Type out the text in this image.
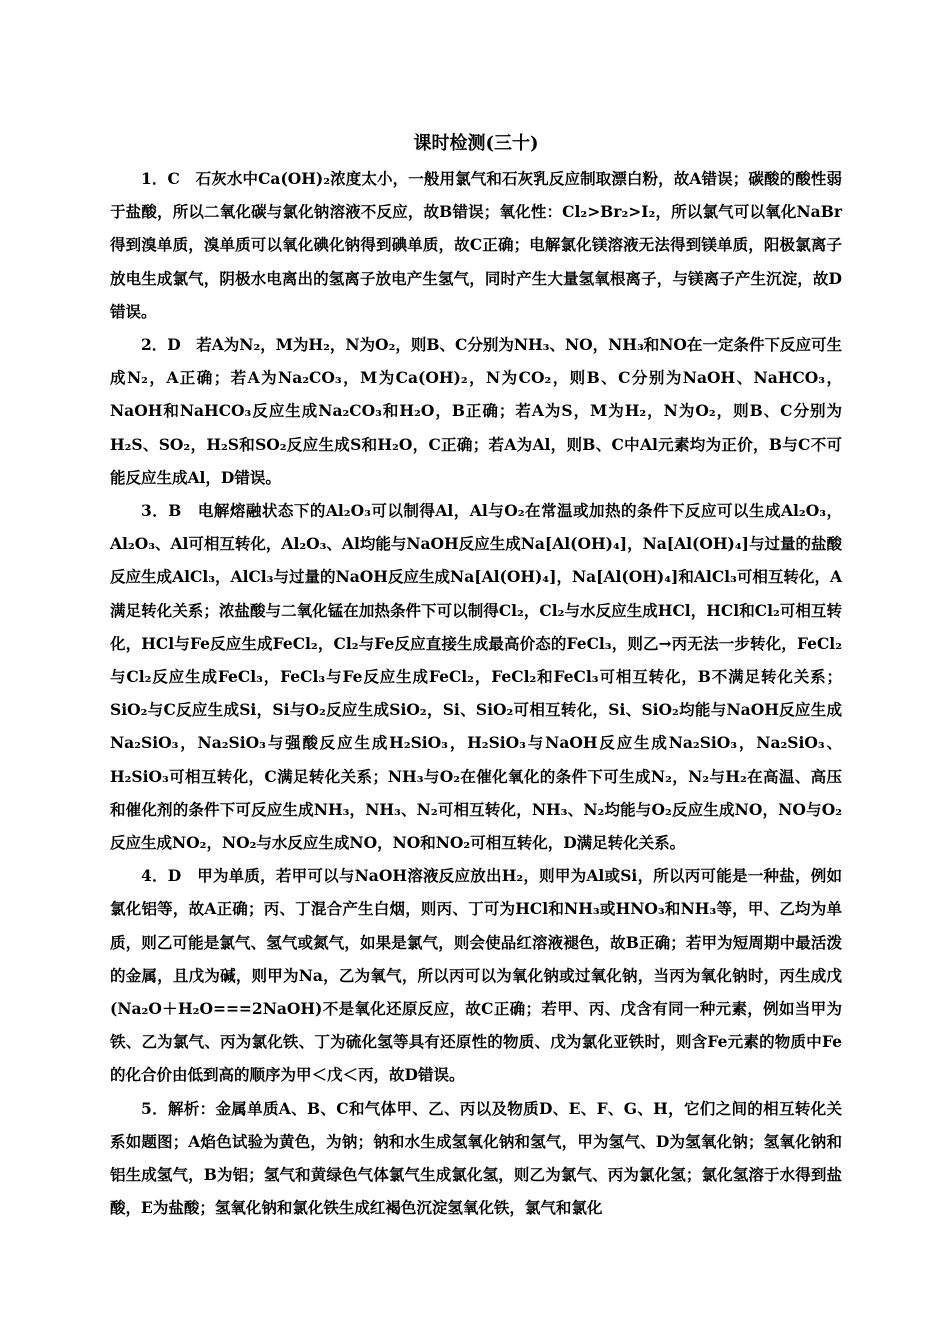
课时检测(三十)

1．C　石灰水中Ca(OH)₂浓度太小，一般用氯气和石灰乳反应制取漂白粉，故A错误；碳酸的酸性弱于盐酸，所以二氧化碳与氯化钠溶液不反应，故B错误；氧化性：Cl₂>Br₂>I₂，所以氯气可以氧化NaBr得到溴单质，溴单质可以氧化碘化钠得到碘单质，故C正确；电解氯化镁溶液无法得到镁单质，阳极氯离子放电生成氯气，阴极水电离出的氢离子放电产生氢气，同时产生大量氢氧根离子，与镁离子产生沉淀，故D错误。

2．D　若A为N₂，M为H₂，N为O₂，则B、C分别为NH₃、NO，NH₃和NO在一定条件下反应可生成N₂，A正确；若A为Na₂CO₃，M为Ca(OH)₂，N为CO₂，则B、C分别为NaOH、NaHCO₃，NaOH和NaHCO₃反应生成Na₂CO₃和H₂O，B正确；若A为S，M为H₂，N为O₂，则B、C分别为H₂S、SO₂，H₂S和SO₂反应生成S和H₂O，C正确；若A为Al，则B、C中Al元素均为正价，B与C不可能反应生成Al，D错误。

3．B　电解熔融状态下的Al₂O₃可以制得Al，Al与O₂在常温或加热的条件下反应可以生成Al₂O₃，Al₂O₃、Al可相互转化，Al₂O₃、Al均能与NaOH反应生成Na[Al(OH)₄]，Na[Al(OH)₄]与过量的盐酸反应生成AlCl₃，AlCl₃与过量的NaOH反应生成Na[Al(OH)₄]，Na[Al(OH)₄]和AlCl₃可相互转化，A满足转化关系；浓盐酸与二氧化锰在加热条件下可以制得Cl₂，Cl₂与水反应生成HCl，HCl和Cl₂可相互转化，HCl与Fe反应生成FeCl₂，Cl₂与Fe反应直接生成最高价态的FeCl₃，则乙→丙无法一步转化，FeCl₂与Cl₂反应生成FeCl₃，FeCl₃与Fe反应生成FeCl₂，FeCl₂和FeCl₃可相互转化，B不满足转化关系；SiO₂与C反应生成Si，Si与O₂反应生成SiO₂，Si、SiO₂可相互转化，Si、SiO₂均能与NaOH反应生成Na₂SiO₃，Na₂SiO₃与强酸反应生成H₂SiO₃，H₂SiO₃与NaOH反应生成Na₂SiO₃，Na₂SiO₃、H₂SiO₃可相互转化，C满足转化关系；NH₃与O₂在催化氧化的条件下可生成N₂，N₂与H₂在高温、高压和催化剂的条件下可反应生成NH₃，NH₃、N₂可相互转化，NH₃、N₂均能与O₂反应生成NO，NO与O₂反应生成NO₂，NO₂与水反应生成NO，NO和NO₂可相互转化，D满足转化关系。

4．D　甲为单质，若甲可以与NaOH溶液反应放出H₂，则甲为Al或Si，所以丙可能是一种盐，例如氯化铝等，故A正确；丙、丁混合产生白烟，则丙、丁可为HCl和NH₃或HNO₃和NH₃等，甲、乙均为单质，则乙可能是氯气、氢气或氮气，如果是氯气，则会使品红溶液褪色，故B正确；若甲为短周期中最活泼的金属，且戊为碱，则甲为Na，乙为氧气，所以丙可以为氧化钠或过氧化钠，当丙为氧化钠时，丙生成戊(Na₂O＋H₂O===2NaOH)不是氧化还原反应，故C正确；若甲、丙、戊含有同一种元素，例如当甲为铁、乙为氯气、丙为氯化铁、丁为硫化氢等具有还原性的物质、戊为氯化亚铁时，则含Fe元素的物质中Fe的化合价由低到高的顺序为甲＜戊＜丙，故D错误。

5．解析：金属单质A、B、C和气体甲、乙、丙以及物质D、E、F、G、H，它们之间的相互转化关系如题图；A焰色试验为黄色，为钠；钠和水生成氢氧化钠和氢气，甲为氢气、D为氢氧化钠；氢氧化钠和铝生成氢气，B为铝；氢气和黄绿色气体氯气生成氯化氢，则乙为氯气、丙为氯化氢；氯化氢溶于水得到盐酸，E为盐酸；氢氧化钠和氯化铁生成红褐色沉淀氢氧化铁，氯气和氯化
